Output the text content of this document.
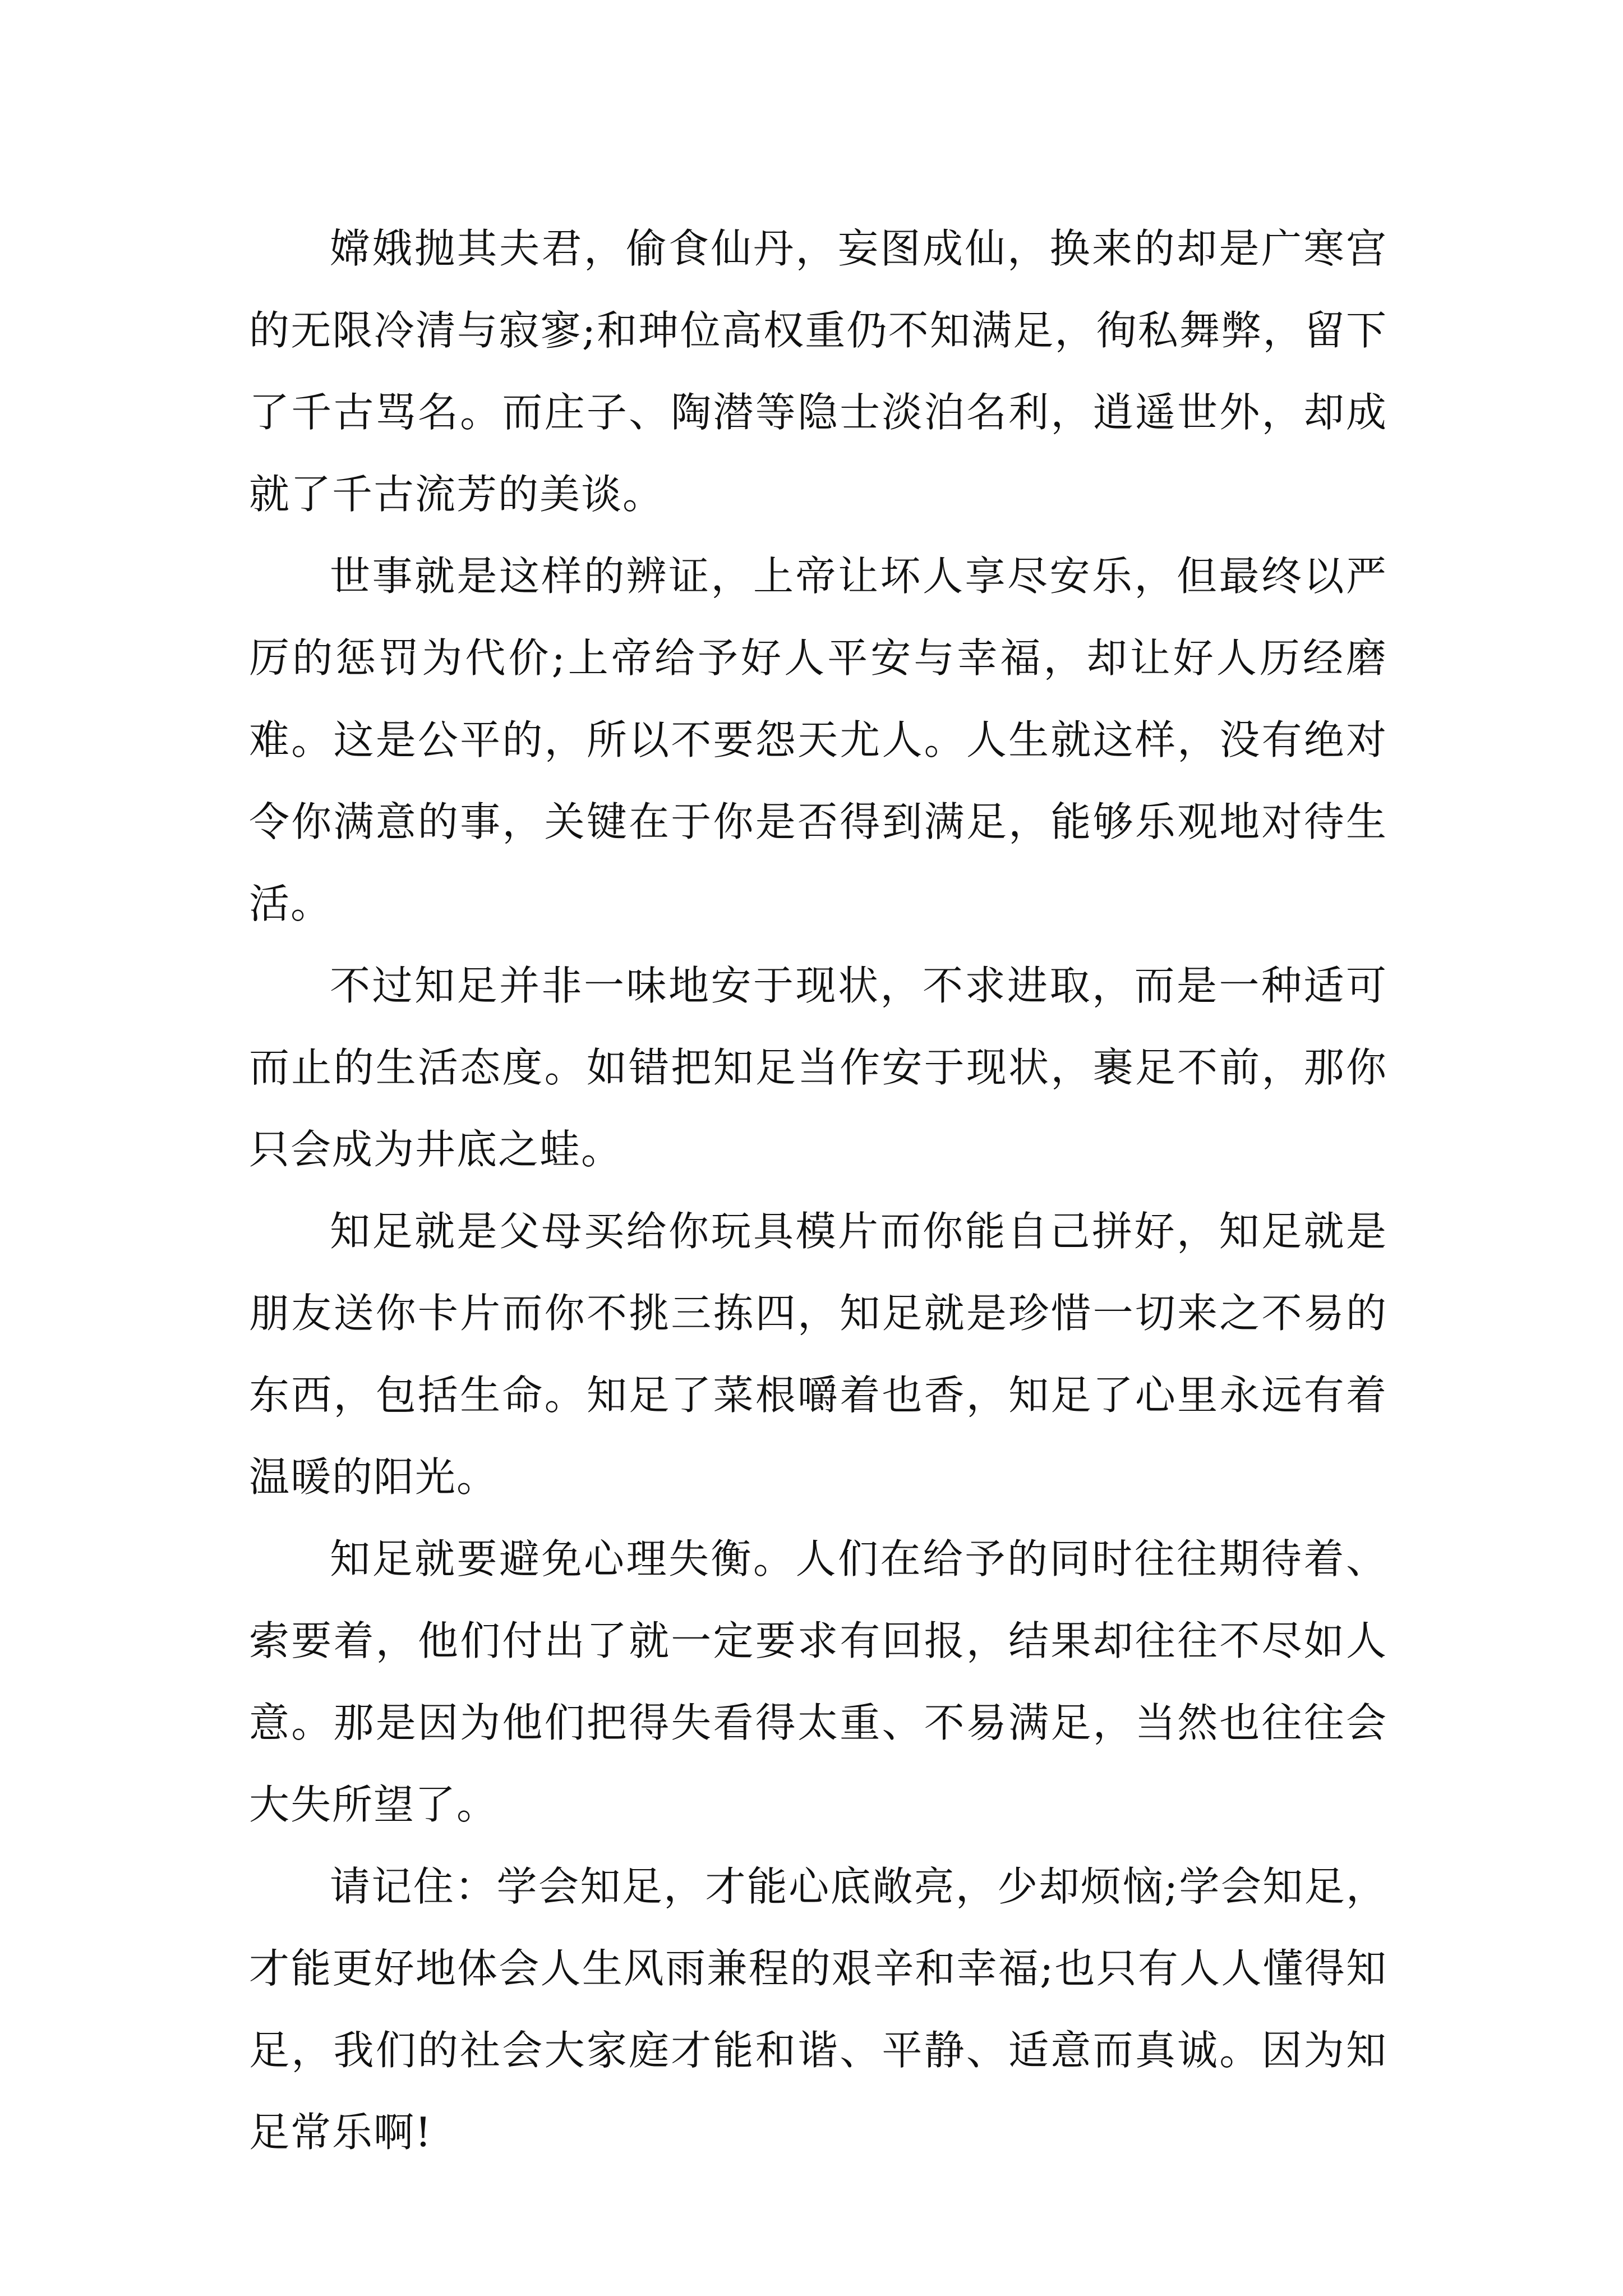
嫦娥抛其夫君，偷食仙丹，妄图成仙，换来的却是广寒宫的无限冷清与寂寥;和珅位高权重仍不知满足，徇私舞弊，留下了千古骂名。而庄子、陶潜等隐士淡泊名利，逍遥世外，却成就了千古流芳的美谈。

世事就是这样的辨证，上帝让坏人享尽安乐，但最终以严厉的惩罚为代价;上帝给予好人平安与幸福，却让好人历经磨难。这是公平的，所以不要怨天尤人。人生就这样，没有绝对令你满意的事，关键在于你是否得到满足，能够乐观地对待生活。

不过知足并非一味地安于现状，不求进取，而是一种适可而止的生活态度。如错把知足当作安于现状，裹足不前，那你只会成为井底之蛙。

知足就是父母买给你玩具模片而你能自己拼好，知足就是朋友送你卡片而你不挑三拣四，知足就是珍惜一切来之不易的东西，包括生命。知足了菜根嚼着也香，知足了心里永远有着温暖的阳光。

知足就要避免心理失衡。人们在给予的同时往往期待着、索要着，他们付出了就一定要求有回报，结果却往往不尽如人意。那是因为他们把得失看得太重、不易满足，当然也往往会大失所望了。

请记住：学会知足，才能心底敞亮，少却烦恼;学会知足，才能更好地体会人生风雨兼程的艰辛和幸福;也只有人人懂得知足，我们的社会大家庭才能和谐、平静、适意而真诚。因为知足常乐啊!
